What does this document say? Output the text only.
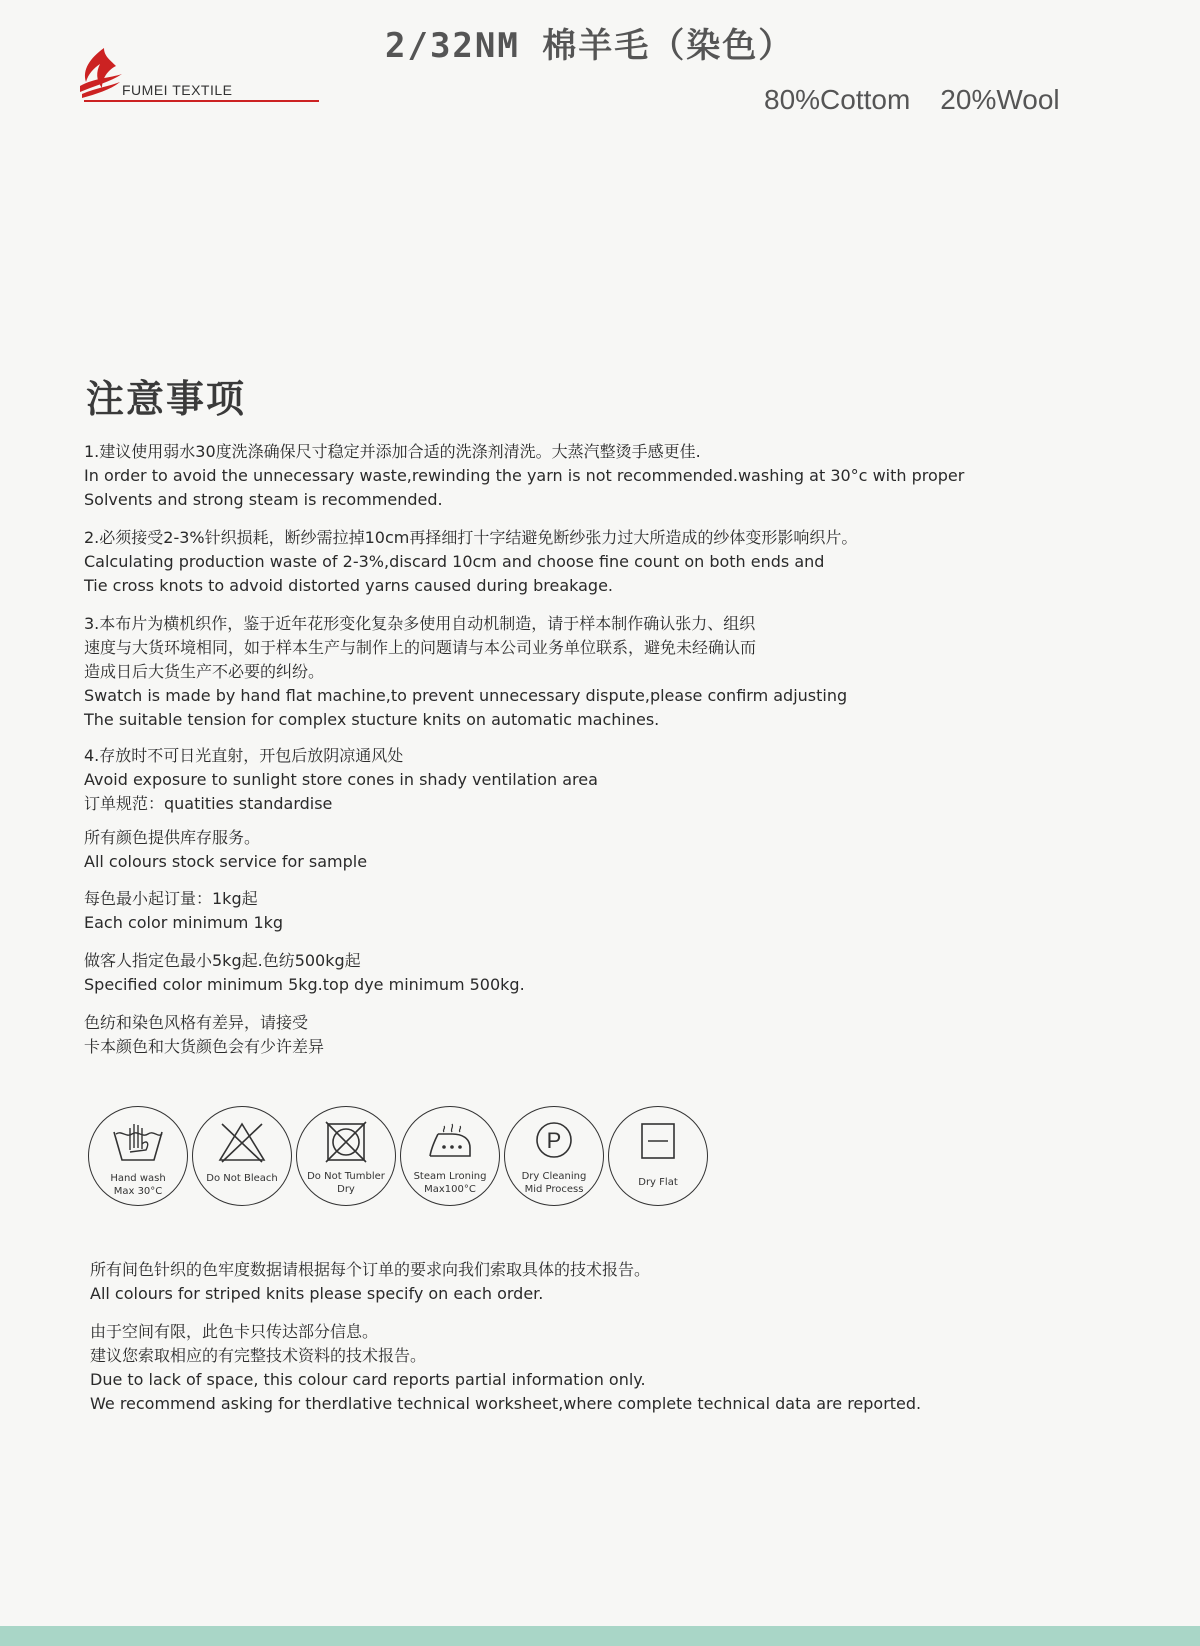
2/32NM 棉羊毛（染色）
FUMEI TEXTILE	80%Cottom 20%Wool
注意事项

1.建议使用弱水30度洗涤确保尺寸稳定并添加合适的洗涤剂清洗。大蒸汽整烫手感更佳.

In order to avoid the unnecessary waste,rewinding the yarn is not recommended.washing at 30°c with proper

Solvents and strong steam is recommended.

2.必须接受2-3%针织损耗，断纱需拉掉10cm再择细打十字结避免断纱张力过大所造成的纱体变形影响织片。

Calculating production waste of 2-3%,discard 10cm and choose fine count on both ends and

Tie cross knots to advoid distorted yarns caused during breakage.

3.本布片为横机织作，鉴于近年花形变化复杂多使用自动机制造，请于样本制作确认张力、组织

速度与大货环境相同，如于样本生产与制作上的问题请与本公司业务单位联系，避免未经确认而

造成日后大货生产不必要的纠纷。

Swatch is made by hand flat machine,to prevent unnecessary dispute,please confirm adjusting

The suitable tension for complex stucture knits on automatic machines.

4.存放时不可日光直射，开包后放阴凉通风处

Avoid exposure to sunlight store cones in shady ventilation area

订单规范：quatities standardise

所有颜色提供库存服务。

All colours stock service for sample

每色最小起订量：1kg起

Each color minimum 1kg

做客人指定色最小5kg起.色纺500kg起

Specified color minimum 5kg.top dye minimum 500kg.

色纺和染色风格有差异，请接受

卡本颜色和大货颜色会有少许差异

Hand wash
Max 30°C
Do Not Bleach	Do Not Tumbler
Dry
Steam Lroning
Max100°C
P
Dry Cleaning
Mid Process
Dry Flat

所有间色针织的色牢度数据请根据每个订单的要求向我们索取具体的技术报告。

All colours for striped knits please specify on each order.

由于空间有限，此色卡只传达部分信息。

建议您索取相应的有完整技术资料的技术报告。

Due to lack of space, this colour card reports partial information only.

We recommend asking for therdlative technical worksheet,where complete technical data are reported.
